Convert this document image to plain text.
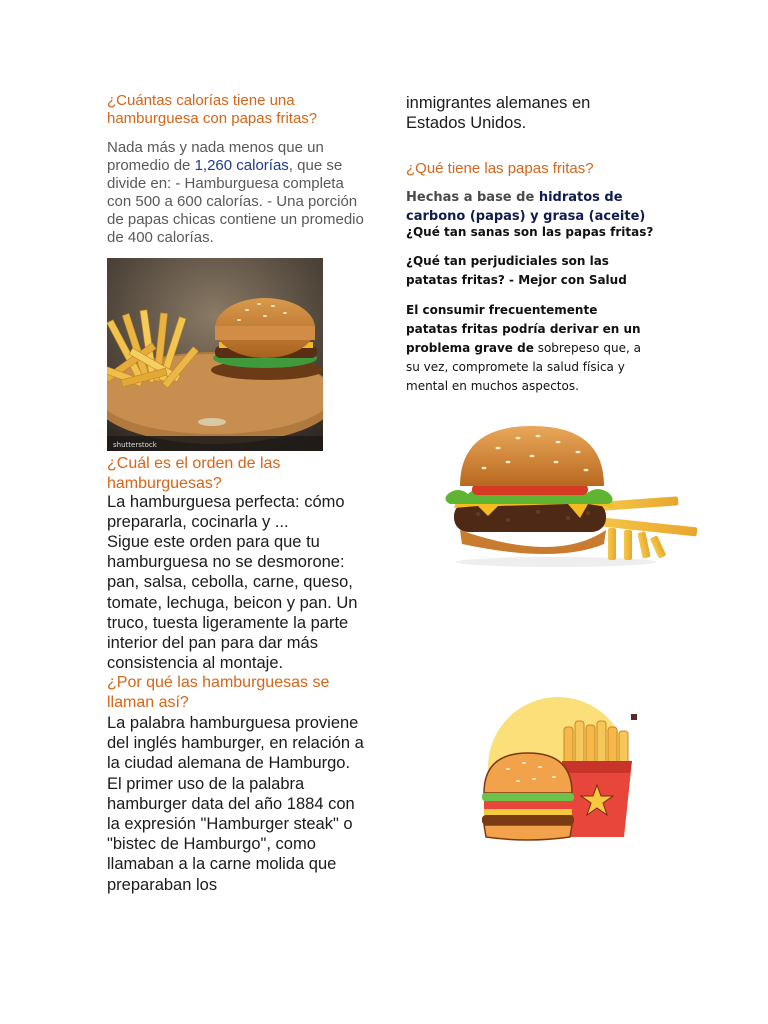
¿Cuántas calorías tiene una hamburguesa con papas fritas?
Nada más y nada menos que un promedio de 1,260 calorías, que se divide en: - Hamburguesa completa con 500 a 600 calorías. - Una porción de papas chicas contiene un promedio de 400 calorías.
shutterstock
¿Cuál es el orden de las hamburguesas?
La hamburguesa perfecta: cómo prepararla, cocinarla y ...
Sigue este orden para que tu hamburguesa no se desmorone: pan, salsa, cebolla, carne, queso, tomate, lechuga, beicon y pan. Un truco, tuesta ligeramente la parte interior del pan para dar más consistencia al montaje.
¿Por qué las hamburguesas se llaman así?
La palabra hamburguesa proviene del inglés hamburger, en relación a la ciudad alemana de Hamburgo. El primer uso de la palabra hamburger data del año 1884 con la expresión "Hamburger steak" o "bistec de Hamburgo", como llamaban a la carne molida que preparaban los
inmigrantes alemanes en Estados Unidos.
¿Qué tiene las papas fritas?
Hechas a base de hidratos de carbono (papas) y grasa (aceite)
¿Qué tan sanas son las papas fritas?
¿Qué tan perjudiciales son las patatas fritas? - Mejor con Salud
El consumir frecuentemente patatas fritas podría derivar en un problema grave de sobrepeso que, a su vez, compromete la salud física y mental en muchos aspectos.
